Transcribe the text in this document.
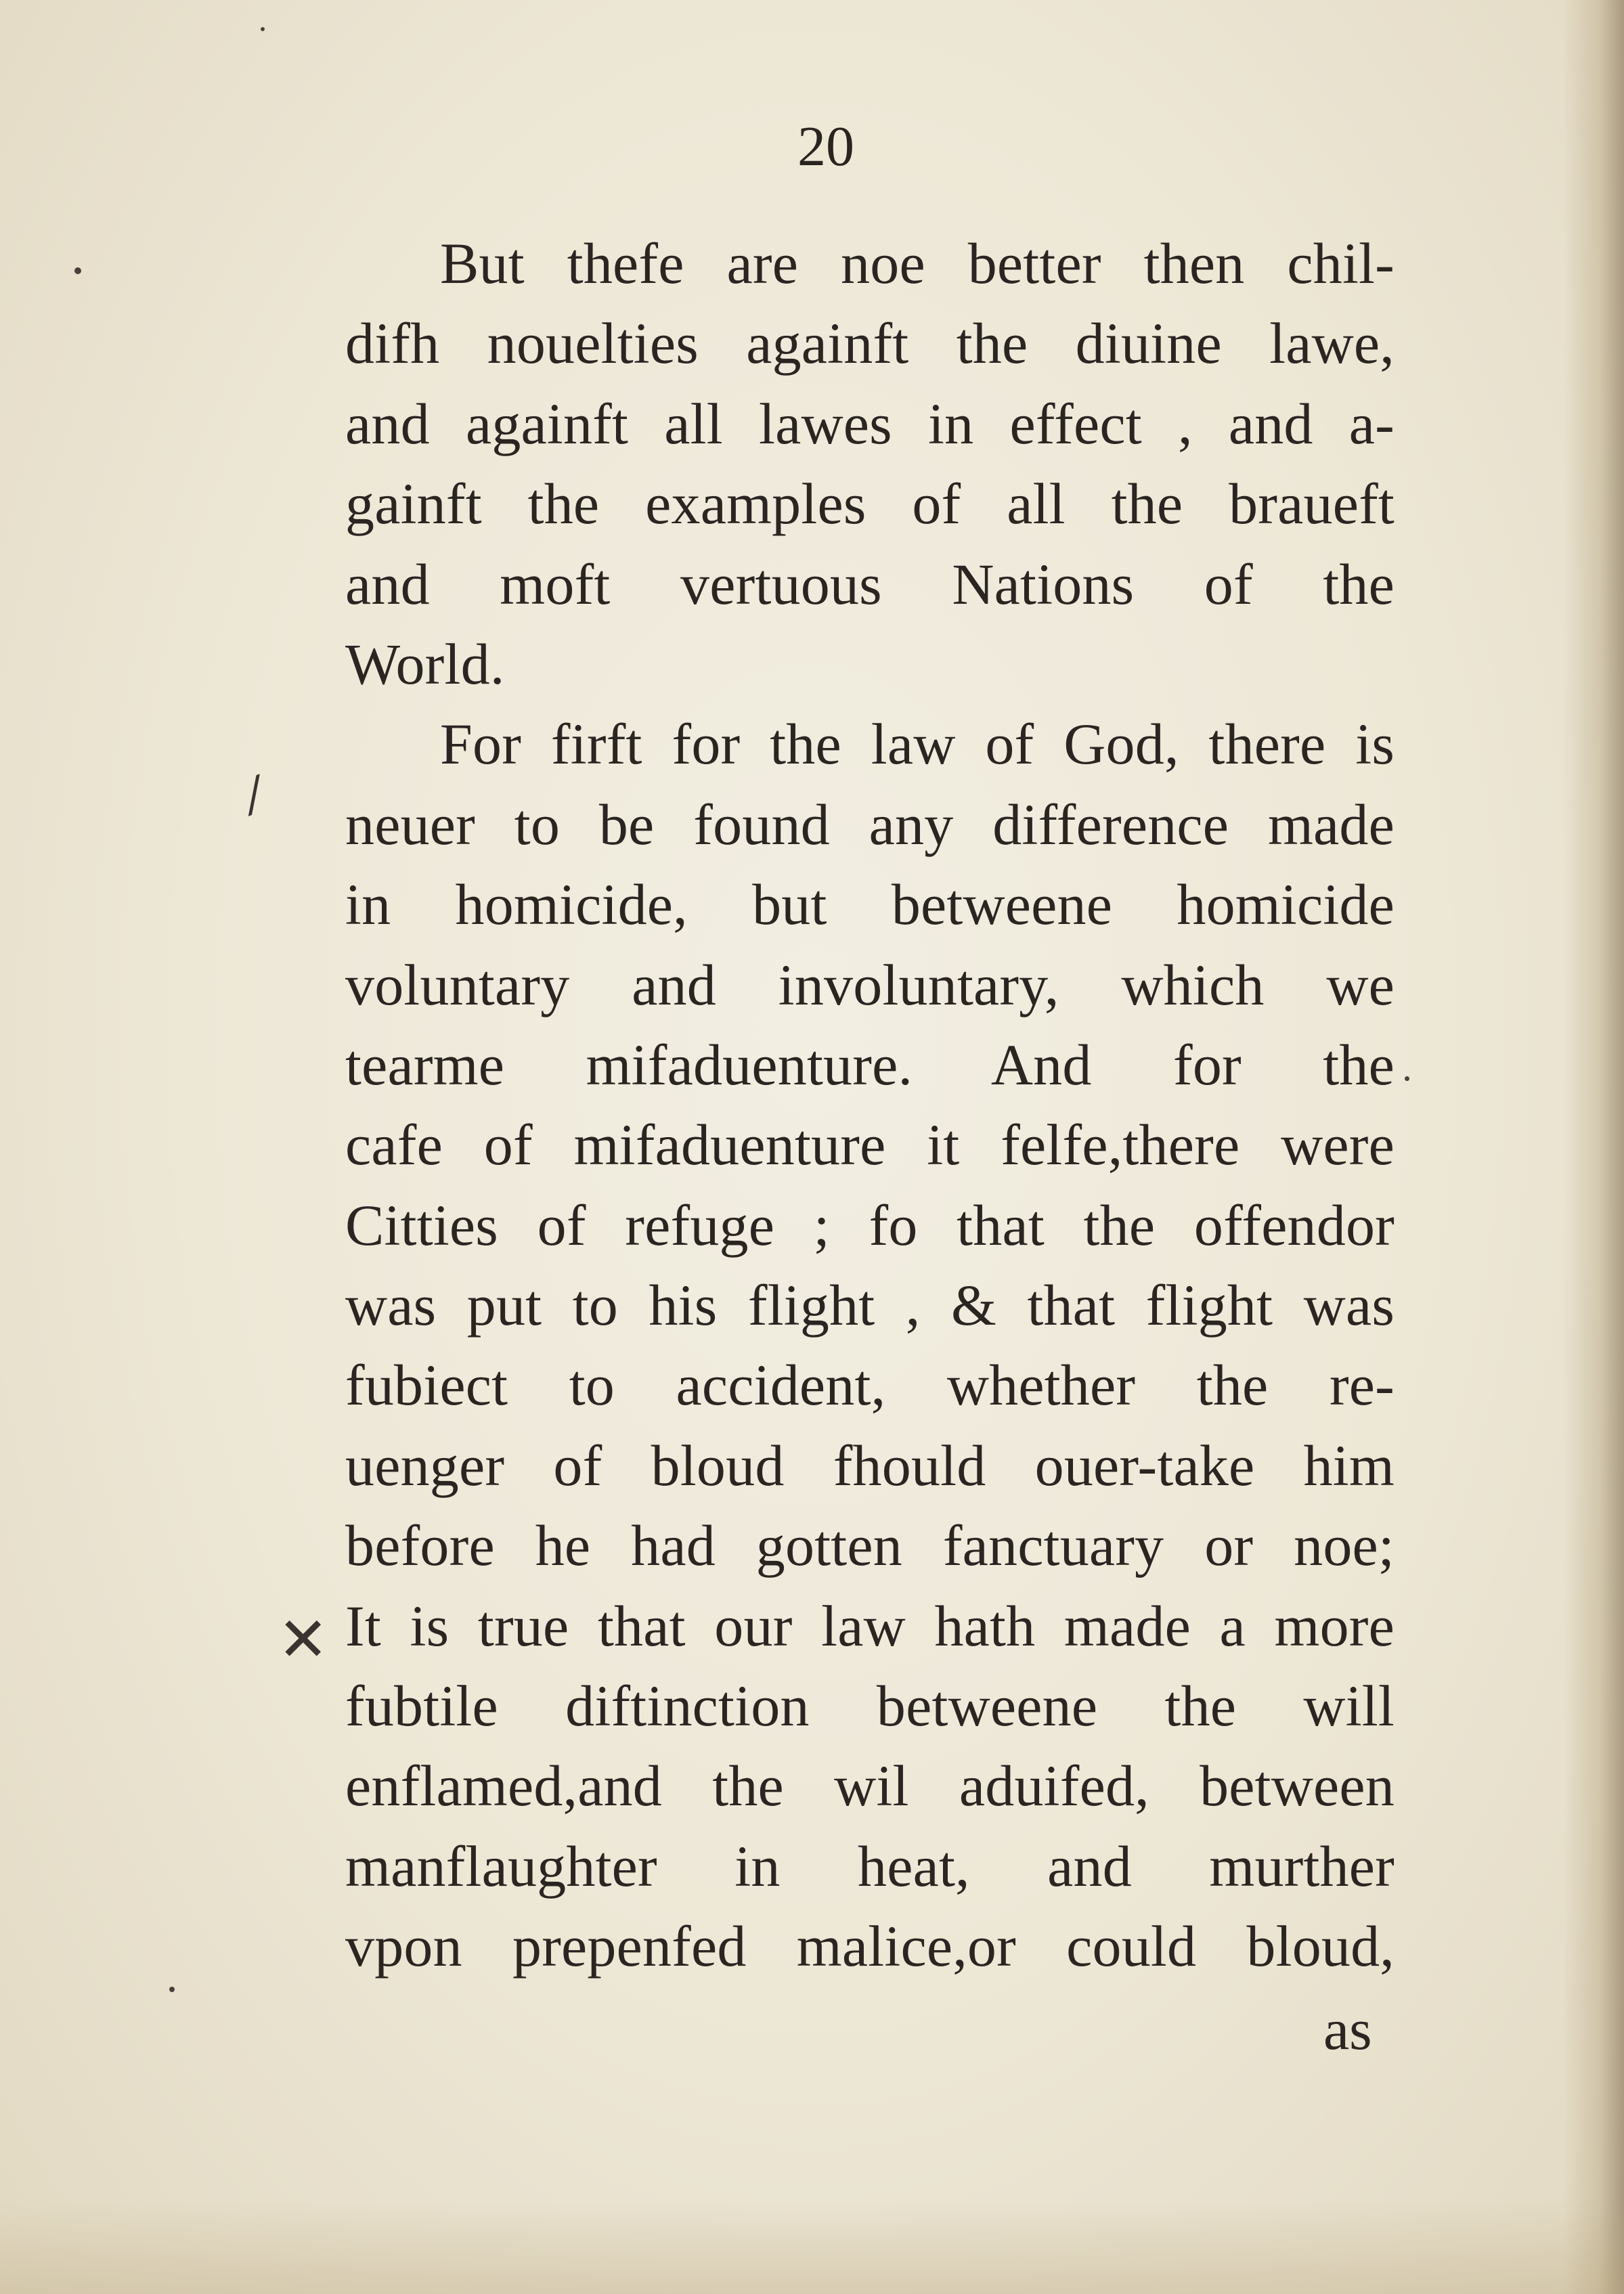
20
But thefe are noe better then chil-
difh nouelties againft the diuine lawe,
and againft all lawes in effect , and a-
gainft the examples of all the braueft
and moft vertuous Nations of the
World.
For firft for the law of God, there is
neuer to be found any difference made
in homicide, but betweene homicide
voluntary and involuntary, which we
tearme mifaduenture. And for the
cafe of mifaduenture it felfe,there were
Citties of refuge ; fo that the offendor
was put to his flight , & that flight was
fubiect to accident, whether the re-
uenger of bloud fhould ouer-take him
before he had gotten fanctuary or noe;
It is true that our law hath made a more
fubtile diftinction betweene the will
enflamed,and the wil aduifed, between
manflaughter in heat, and murther
vpon prepenfed malice,or could bloud,
as
⁄
✕
